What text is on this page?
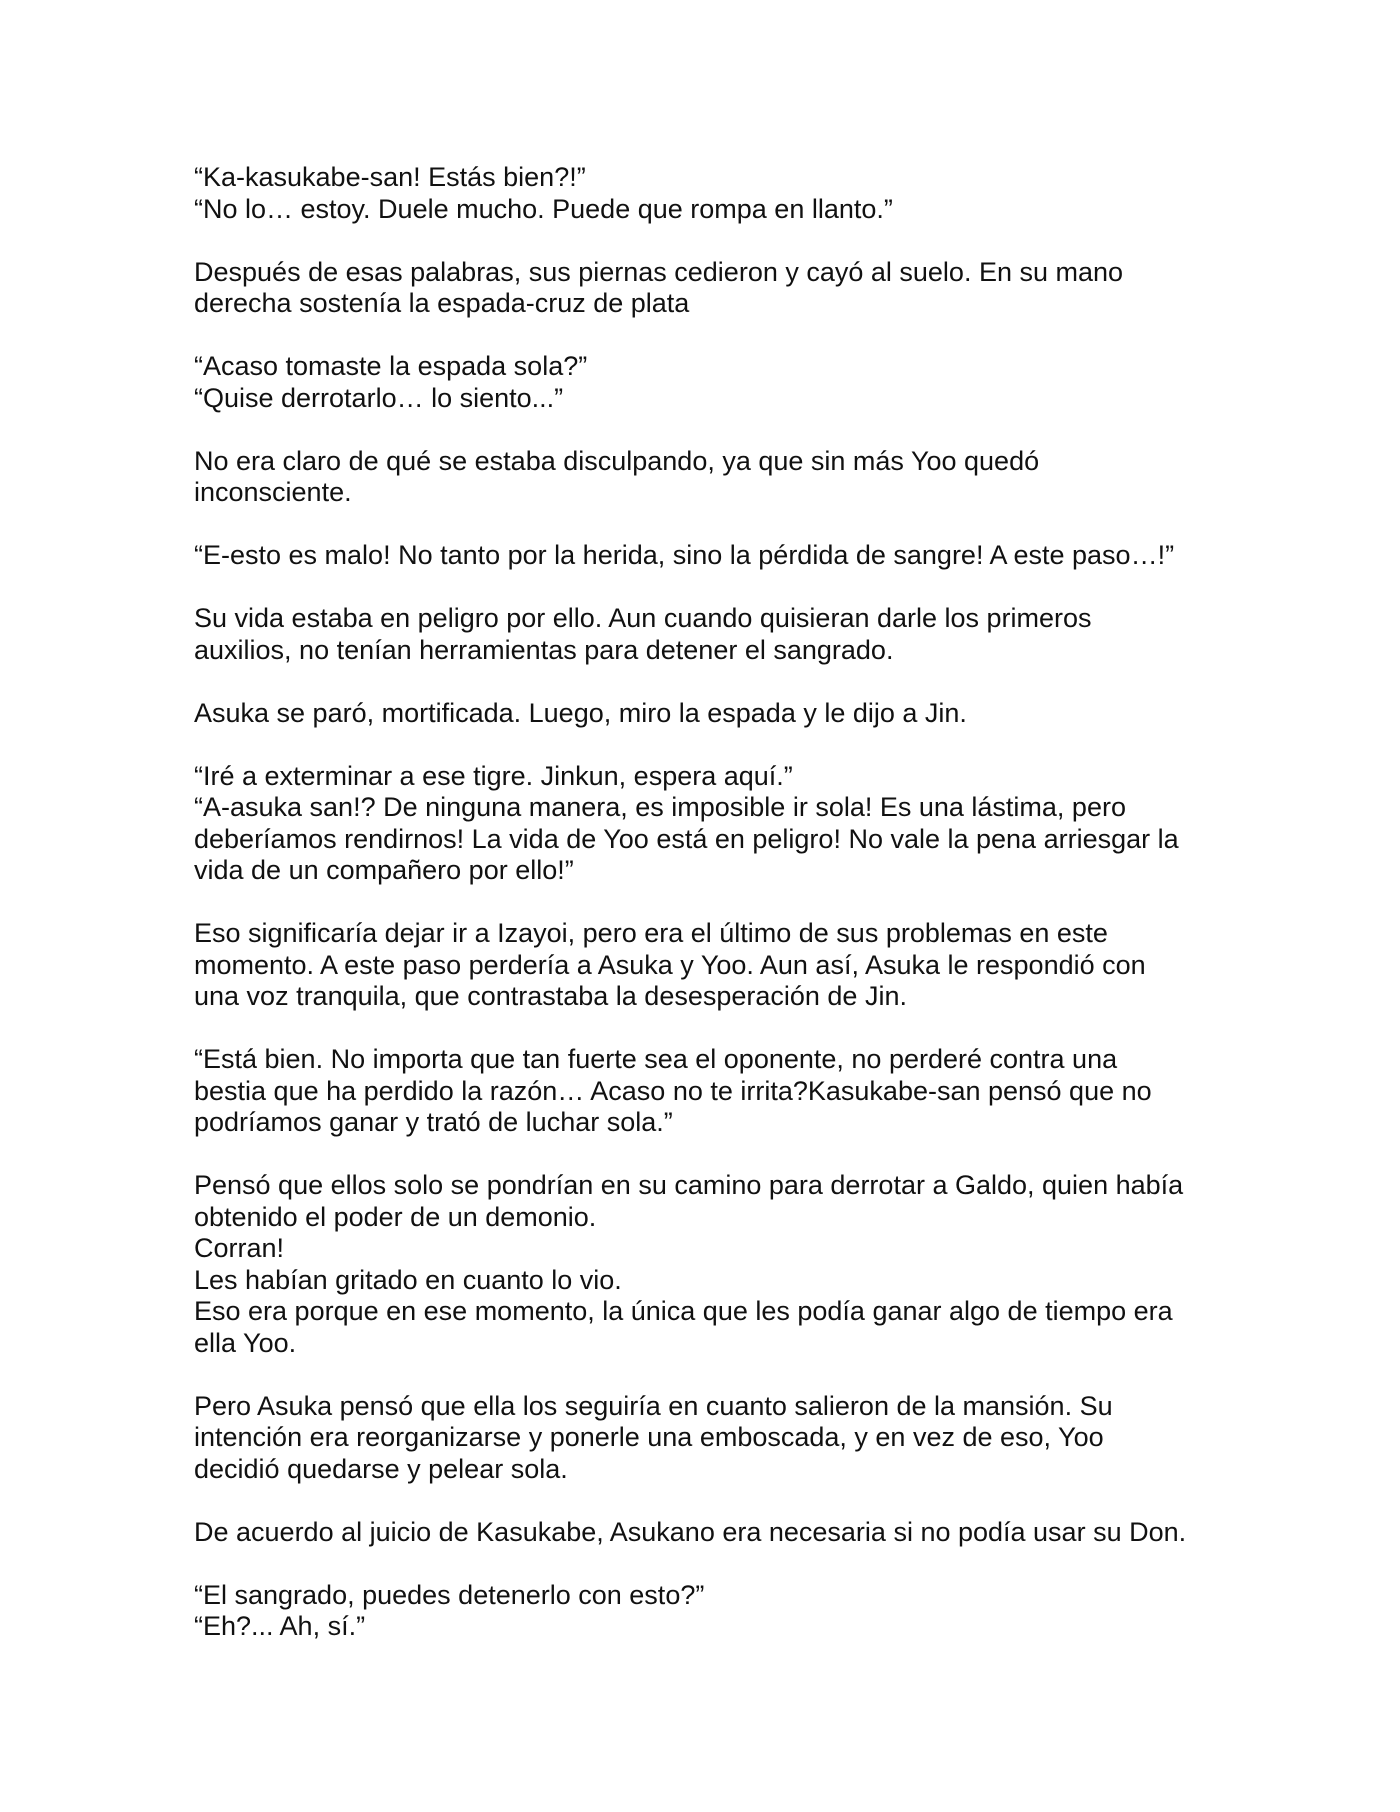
“Ka-kasukabe-san! Estás bien?!”
“No lo… estoy. Duele mucho. Puede que rompa en llanto.”
Después de esas palabras, sus piernas cedieron y cayó al suelo. En su mano
derecha sostenía la espada-cruz de plata
“Acaso tomaste la espada sola?”
“Quise derrotarlo… lo siento...”
No era claro de qué se estaba disculpando, ya que sin más Yoo quedó
inconsciente.
“E-esto es malo! No tanto por la herida, sino la pérdida de sangre! A este paso…!”
Su vida estaba en peligro por ello. Aun cuando quisieran darle los primeros
auxilios, no tenían herramientas para detener el sangrado.
Asuka se paró, mortificada. Luego, miro la espada y le dijo a Jin.
“Iré a exterminar a ese tigre. Jinkun, espera aquí.”
“A-asuka san!? De ninguna manera, es imposible ir sola! Es una lástima, pero
deberíamos rendirnos! La vida de Yoo está en peligro! No vale la pena arriesgar la
vida de un compañero por ello!”
Eso significaría dejar ir a Izayoi, pero era el último de sus problemas en este
momento. A este paso perdería a Asuka y Yoo. Aun así, Asuka le respondió con
una voz tranquila, que contrastaba la desesperación de Jin.
“Está bien. No importa que tan fuerte sea el oponente, no perderé contra una
bestia que ha perdido la razón… Acaso no te irrita?Kasukabe-san pensó que no
podríamos ganar y trató de luchar sola.”
Pensó que ellos solo se pondrían en su camino para derrotar a Galdo, quien había
obtenido el poder de un demonio.
Corran!
Les habían gritado en cuanto lo vio.
Eso era porque en ese momento, la única que les podía ganar algo de tiempo era
ella Yoo.
Pero Asuka pensó que ella los seguiría en cuanto salieron de la mansión. Su
intención era reorganizarse y ponerle una emboscada, y en vez de eso, Yoo
decidió quedarse y pelear sola.
De acuerdo al juicio de Kasukabe, Asukano era necesaria si no podía usar su Don.
“El sangrado, puedes detenerlo con esto?”
“Eh?... Ah, sí.”
